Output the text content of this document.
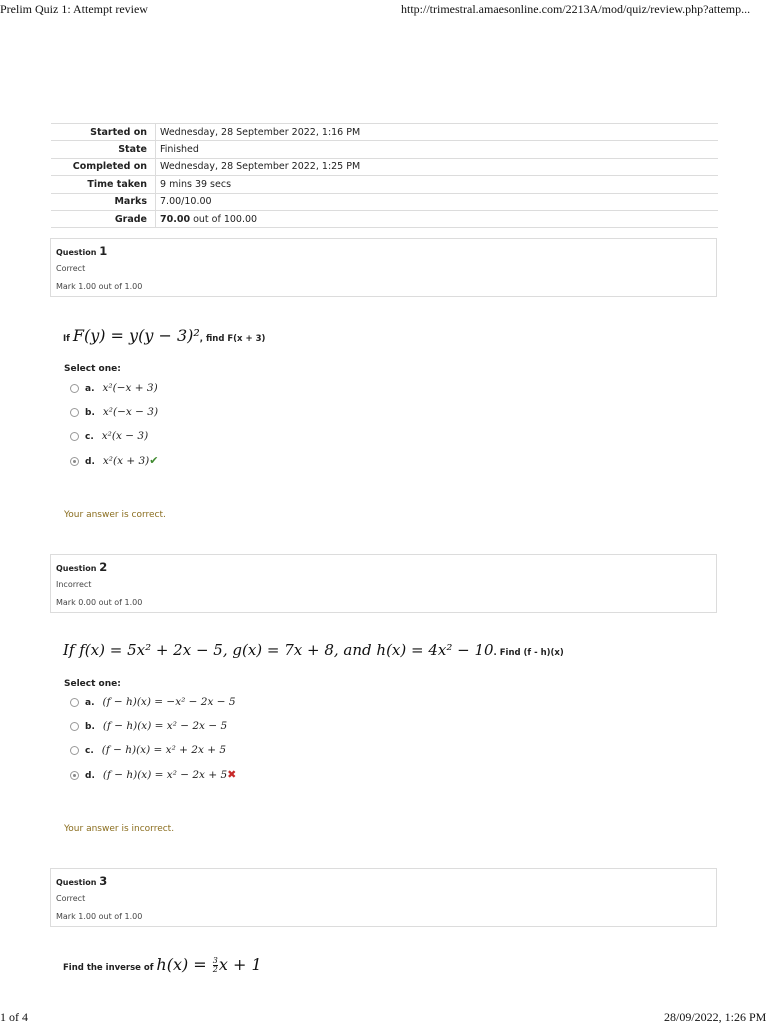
Prelim Quiz 1: Attempt review	http://trimestral.amaesonline.com/2213A/mod/quiz/review.php?attemp...
Started on	Wednesday, 28 September 2022, 1:16 PM
State	Finished
Completed on	Wednesday, 28 September 2022, 1:25 PM
Time taken	9 mins 39 secs
Marks	7.00/10.00
Grade	70.00 out of 100.00
Question 1
Correct
Mark 1.00 out of 1.00
If F(y) = y(y − 3)², find F(x + 3)
Select one:
a. x²(−x + 3)
b. x²(−x − 3)
c. x²(x − 3)
d. x²(x + 3)✔
Your answer is correct.
Question 2
Incorrect
Mark 0.00 out of 1.00
If f(x) = 5x² + 2x − 5, g(x) = 7x + 8, and h(x) = 4x² − 10. Find (f - h)(x)
Select one:
a. (f − h)(x) = −x² − 2x − 5
b. (f − h)(x) = x² − 2x − 5
c. (f − h)(x) = x² + 2x + 5
d. (f − h)(x) = x² − 2x + 5✖
Your answer is incorrect.
Question 3
Correct
Mark 1.00 out of 1.00
Find the inverse of $h(x) = \frac{3}{2}$ x + 1
1 of 4	28/09/2022, 1:26 PM
